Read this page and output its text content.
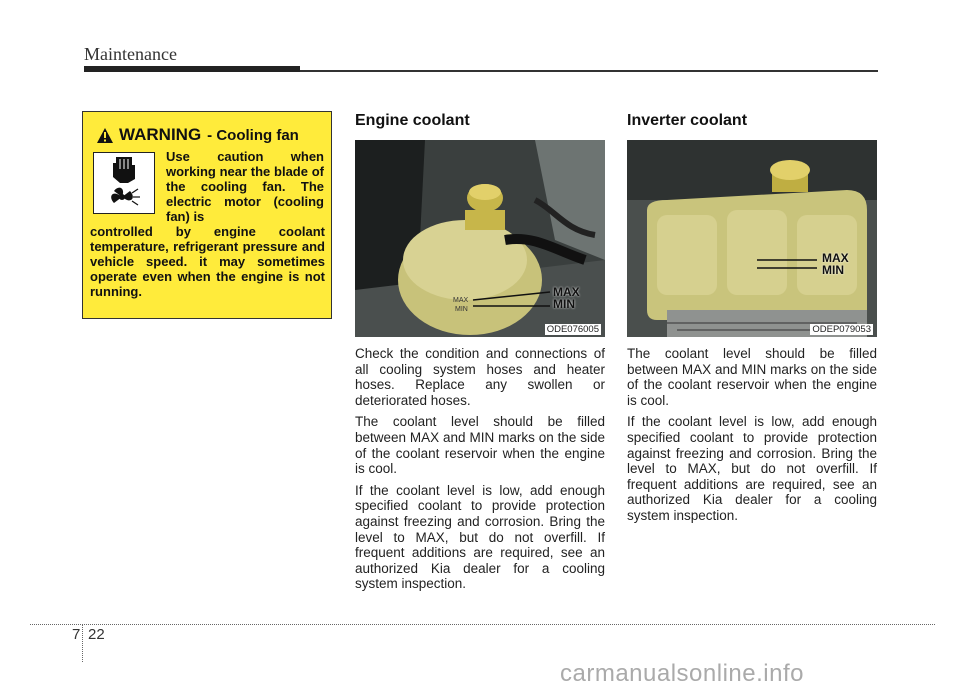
Maintenance
WARNING - Cooling fan
Use caution when working near the blade of the cooling fan. The electric motor (cooling fan) is
controlled by engine coolant temperature, refrigerant pressure and vehicle speed. it may sometimes operate even when the engine is not running.
Engine coolant
MAX
MIN
MAX
MIN
ODE076005

Check the condition and connections of all cooling system hoses and heater hoses. Replace any swollen or deteriorated hoses.

The coolant level should be filled between MAX and MIN marks on the side of the coolant reservoir when the engine is cool.

If the coolant level is low, add enough specified coolant to provide protection against freezing and corrosion. Bring the level to MAX, but do not overfill. If frequent additions are required, see an authorized Kia dealer for a cooling system inspection.

Inverter coolant
MAX
MIN
ODEP079053

The coolant level should be filled between MAX and MIN marks on the side of the coolant reservoir when the engine is cool.

If the coolant level is low, add enough specified coolant to provide protection against freezing and corrosion. Bring the level to MAX, but do not overfill. If frequent additions are required, see an authorized Kia dealer for a cooling system inspection.

7 22
carmanualsonline.info
